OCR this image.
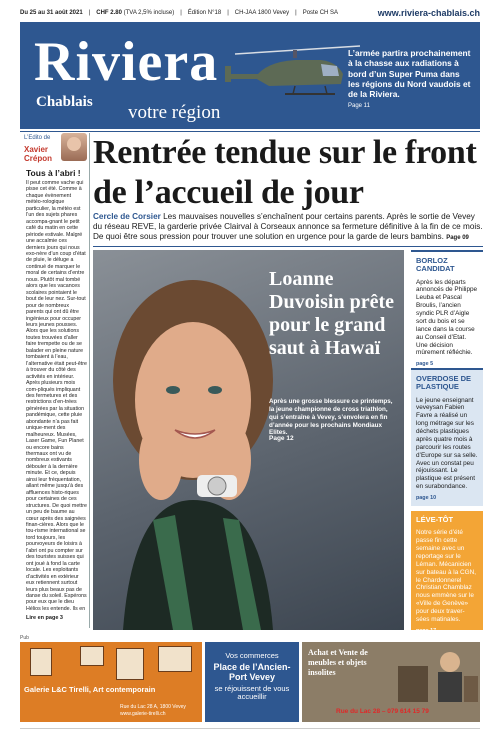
Du 25 au 31 août 2021 | CHF 2.80 (TVA 2,5% incluse) | Édition N°18 | CH-JAA 1800 Vevey | Poste CH SA	www.riviera-chablais.ch
Riviera
Chablais votre région
L’armée partira prochainement à la chasse aux radiations à bord d’un Super Puma dans les régions du Nord vaudois et de la Riviera.
Page 11
L’Edito de
Xavier
Crépon
Tous à l’abri !
Il peut comme vache qui pisse cet été. Comme à chaque évènement météo-rologique particulier, la météo est l’un des sujets phares accompa-gnant le petit café du matin en cette période estivale. Malgré une accalmie ces derniers jours qui nous exo-nère d’un coup d’état de pluie, le déluge a continué de marquer le moral de certains d’entre nous. Plutôt mal tombé alors que les vacances scolaires pointaient le bout de leur nez. Sur-tout pour de nombreux parents qui ont dû être ingénieux pour occuper leurs jeunes pousses. Alors que les solutions toutes trouvées d’aller faire trempette ou de se balader en pleine nature tombaient à l’eau, l’alternative était peut-être à trouver du côté des activités en intérieur. Après plusieurs mois com-pliqués impliquant des fermetures et des restrictions d’en-trées générées par la situation pandémique, cette pluie abondante n’a pas fait unique-ment des malheureux. Musées, Laser Game, Fun Planet ou encore bains thermaux ont vu de nombreux estivants débouler à la dernière minute. Et ce, depuis ainsi leur fréquentation, allant même jusqu’à des affluences histo-riques pour certaines de ces structures. De quoi mettre un peu de baume au cœur après des saignées finan-cières. Alors que le tou-risme international se tord toujours, les pourvoyeurs de loisirs à l’abri ont pu compter sur des touristes suisses qui ont joué à fond la carte locale. Les exploitants d’activités en extérieur eux retiennent surtout leurs plus beaux pas de danse du soleil. Espérons pour eux que le dieu Hélios les entende. Ils en
Lire en page 3
Rentrée tendue sur le front de l’accueil de jour
Cercle de Corsier Les mauvaises nouvelles s’enchaînent pour certains parents. Après le sortie de Vevey du réseau REVE, la garderie privée Clairval à Corseaux annonce sa fermeture définitive à la fin de ce mois. De quoi être sous pression pour trouver une solution en urgence pour la garde de leurs bambins. Page 09
Loanne Duvoisin prête pour le grand saut à Hawaï
Après une grosse blessure ce printemps, la jeune championne de cross triathlon, qui s’entraîne à Vevey, s’envolera en fin d’année pour les prochains Mondiaux Elites.
Page 12
BORLOZ CANDIDAT
Après les départs annoncés de Philippe Leuba et Pascal Broulis, l’ancien syndic PLR d’Aigle sort du bois et se lance dans la course au Conseil d’Etat. Une décision mûrement réfléchie.
page 5
OVERDOSE DE PLASTIQUE
Le jeune enseignant veveysan Fabien Favre a réalisé un long métrage sur les déchets plastiques après quatre mois à parcourir les routes d’Europe sur sa selle. Avec un constat peu réjouissant. Le plastique est présent en surabondance.
page 10
LÉVE-TÔT
Notre série d’été passe fin cette semaine avec un reportage sur le Léman. Mécanicien sur bateau à la CGN, le Chardonnerel Christian Chamblaz nous emmène sur le «Ville de Genève» pour deux traver-sées matinales.
page 17
Pub
Galerie L&C Tirelli, Art contemporain
Rue du Lac 28 A, 1800 Vevey www.galerie-tirelli.ch
Vos commerces
Place de l’Ancien-Port Vevey
se réjouissent de vous accueillir
Achat et Vente de meubles et objets insolites
Rue du Lac 28 – 079 614 15 79
